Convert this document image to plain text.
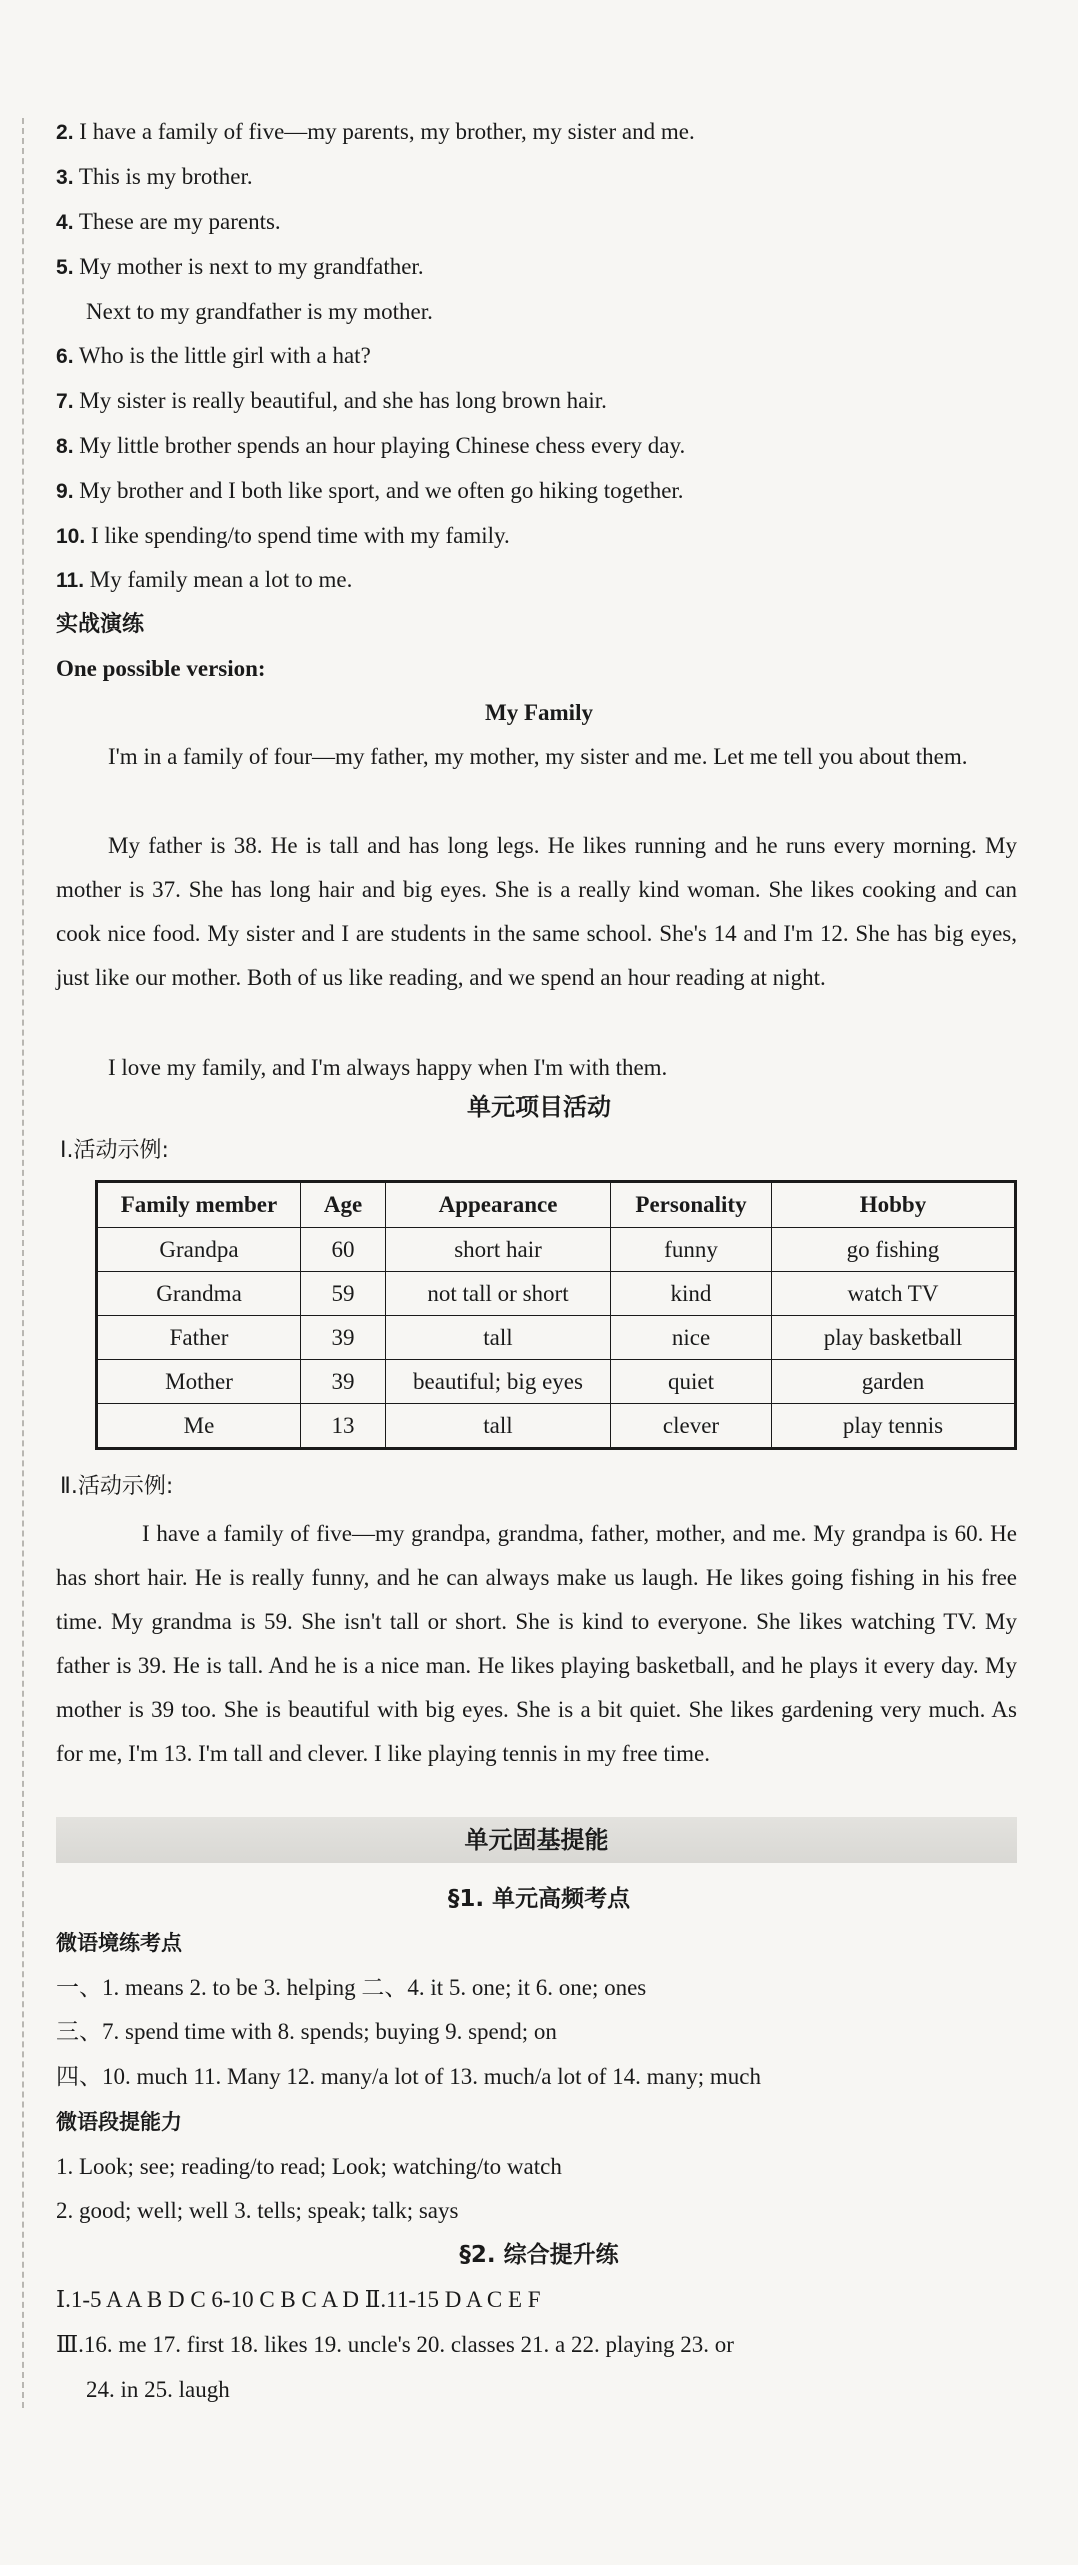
2. I have a family of five—my parents, my brother, my sister and me.
3. This is my brother.
4. These are my parents.
5. My mother is next to my grandfather.
Next to my grandfather is my mother.
6. Who is the little girl with a hat?
7. My sister is really beautiful, and she has long brown hair.
8. My little brother spends an hour playing Chinese chess every day.
9. My brother and I both like sport, and we often go hiking together.
10. I like spending/to spend time with my family.
11. My family mean a lot to me.
实战演练
One possible version:
My Family

I'm in a family of four—my father, my mother, my sister and me. Let me tell you about them.

My father is 38. He is tall and has long legs. He likes running and he runs every morning. My mother is 37. She has long hair and big eyes. She is a really kind woman. She likes cooking and can cook nice food. My sister and I are students in the same school. She's 14 and I'm 12. She has big eyes, just like our mother. Both of us like reading, and we spend an hour reading at night.

I love my family, and I'm always happy when I'm with them.

单元项目活动
Ⅰ.活动示例:
Family member	Age	Appearance	Personality	Hobby
Grandpa	60	short hair	funny	go fishing
Grandma	59	not tall or short	kind	watch TV
Father	39	tall	nice	play basketball
Mother	39	beautiful; big eyes	quiet	garden
Me	13	tall	clever	play tennis
Ⅱ.活动示例:

I have a family of five—my grandpa, grandma, father, mother, and me. My grandpa is 60. He has short hair. He is really funny, and he can always make us laugh. He likes going fishing in his free time. My grandma is 59. She isn't tall or short. She is kind to everyone. She likes watching TV. My father is 39. He is tall. And he is a nice man. He likes playing basketball, and he plays it every day. My mother is 39 too. She is beautiful with big eyes. She is a bit quiet. She likes gardening very much. As for me, I'm 13. I'm tall and clever. I like playing tennis in my free time.

单元固基提能
§1. 单元高频考点
微语境练考点
一、1. means 2. to be 3. helping 二、4. it 5. one; it 6. one; ones
三、7. spend time with 8. spends; buying 9. spend; on
四、10. much 11. Many 12. many/a lot of 13. much/a lot of 14. many; much
微语段提能力
1. Look; see; reading/to read; Look; watching/to watch
2. good; well; well 3. tells; speak; talk; says
§2. 综合提升练
Ⅰ.1-5 A A B D C 6-10 C B C A D Ⅱ.11-15 D A C E F
Ⅲ.16. me 17. first 18. likes 19. uncle's 20. classes 21. a 22. playing 23. or
24. in 25. laugh
